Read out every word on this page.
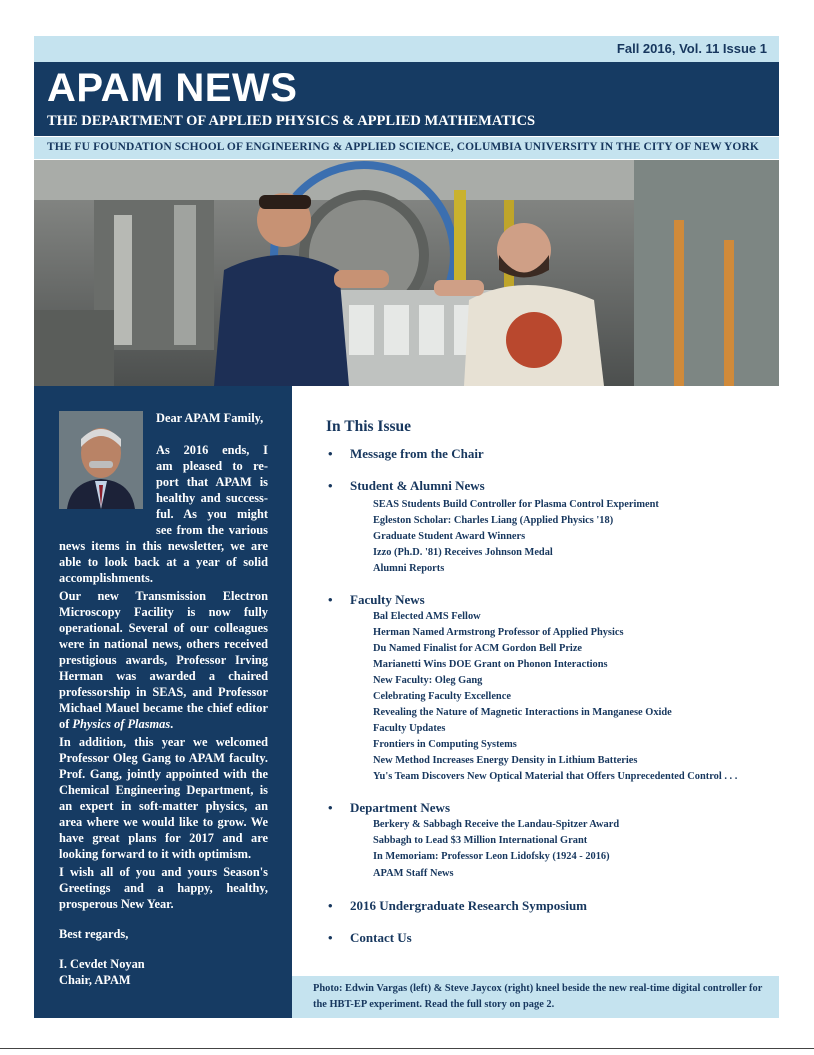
Fall 2016, Vol. 11 Issue 1
APAM NEWS
THE DEPARTMENT OF APPLIED PHYSICS & APPLIED MATHEMATICS
THE FU FOUNDATION SCHOOL OF ENGINEERING & APPLIED SCIENCE, COLUMBIA UNIVERSITY IN THE CITY OF NEW YORK
Dear APAM Family,
As 2016 ends, I
am pleased to re-
port that APAM is
healthy and success-
ful. As you might
see from the various
news items in this newsletter, we are able to look back at a year of solid accomplishments.
Our new Transmission Electron Microscopy Facility is now fully operational. Several of our colleagues were in national news, others received prestigious awards, Professor Irving Herman was awarded a chaired professorship in SEAS, and Professor Michael Mauel became the chief editor of Physics of Plasmas.
In addition, this year we welcomed Professor Oleg Gang to APAM faculty. Prof. Gang, jointly appointed with the Chemical Engineering Department, is an expert in soft-matter physics, an area where we would like to grow. We have great plans for 2017 and are looking forward to it with optimism.
I wish all of you and yours Season's Greetings and a happy, healthy, prosperous New Year.
Best regards,
I. Cevdet Noyan
Chair, APAM
In This Issue
• Message from the Chair
• Student & Alumni News
SEAS Students Build Controller for Plasma Control Experiment
Egleston Scholar: Charles Liang (Applied Physics '18)
Graduate Student Award Winners
Izzo (Ph.D. '81) Receives Johnson Medal
Alumni Reports
• Faculty News
Bal Elected AMS Fellow
Herman Named Armstrong Professor of Applied Physics
Du Named Finalist for ACM Gordon Bell Prize
Marianetti Wins DOE Grant on Phonon Interactions
New Faculty: Oleg Gang
Celebrating Faculty Excellence
Revealing the Nature of Magnetic Interactions in Manganese Oxide
Faculty Updates
Frontiers in Computing Systems
New Method Increases Energy Density in Lithium Batteries
Yu's Team Discovers New Optical Material that Offers Unprecedented Control . . .
• Department News
Berkery & Sabbagh Receive the Landau-Spitzer Award
Sabbagh to Lead $3 Million International Grant
In Memoriam: Professor Leon Lidofsky (1924 - 2016)
APAM Staff News
• 2016 Undergraduate Research Symposium
• Contact Us
Photo: Edwin Vargas (left) & Steve Jaycox (right) kneel beside the new real-time digital controller for the HBT-EP experiment. Read the full story on page 2.
